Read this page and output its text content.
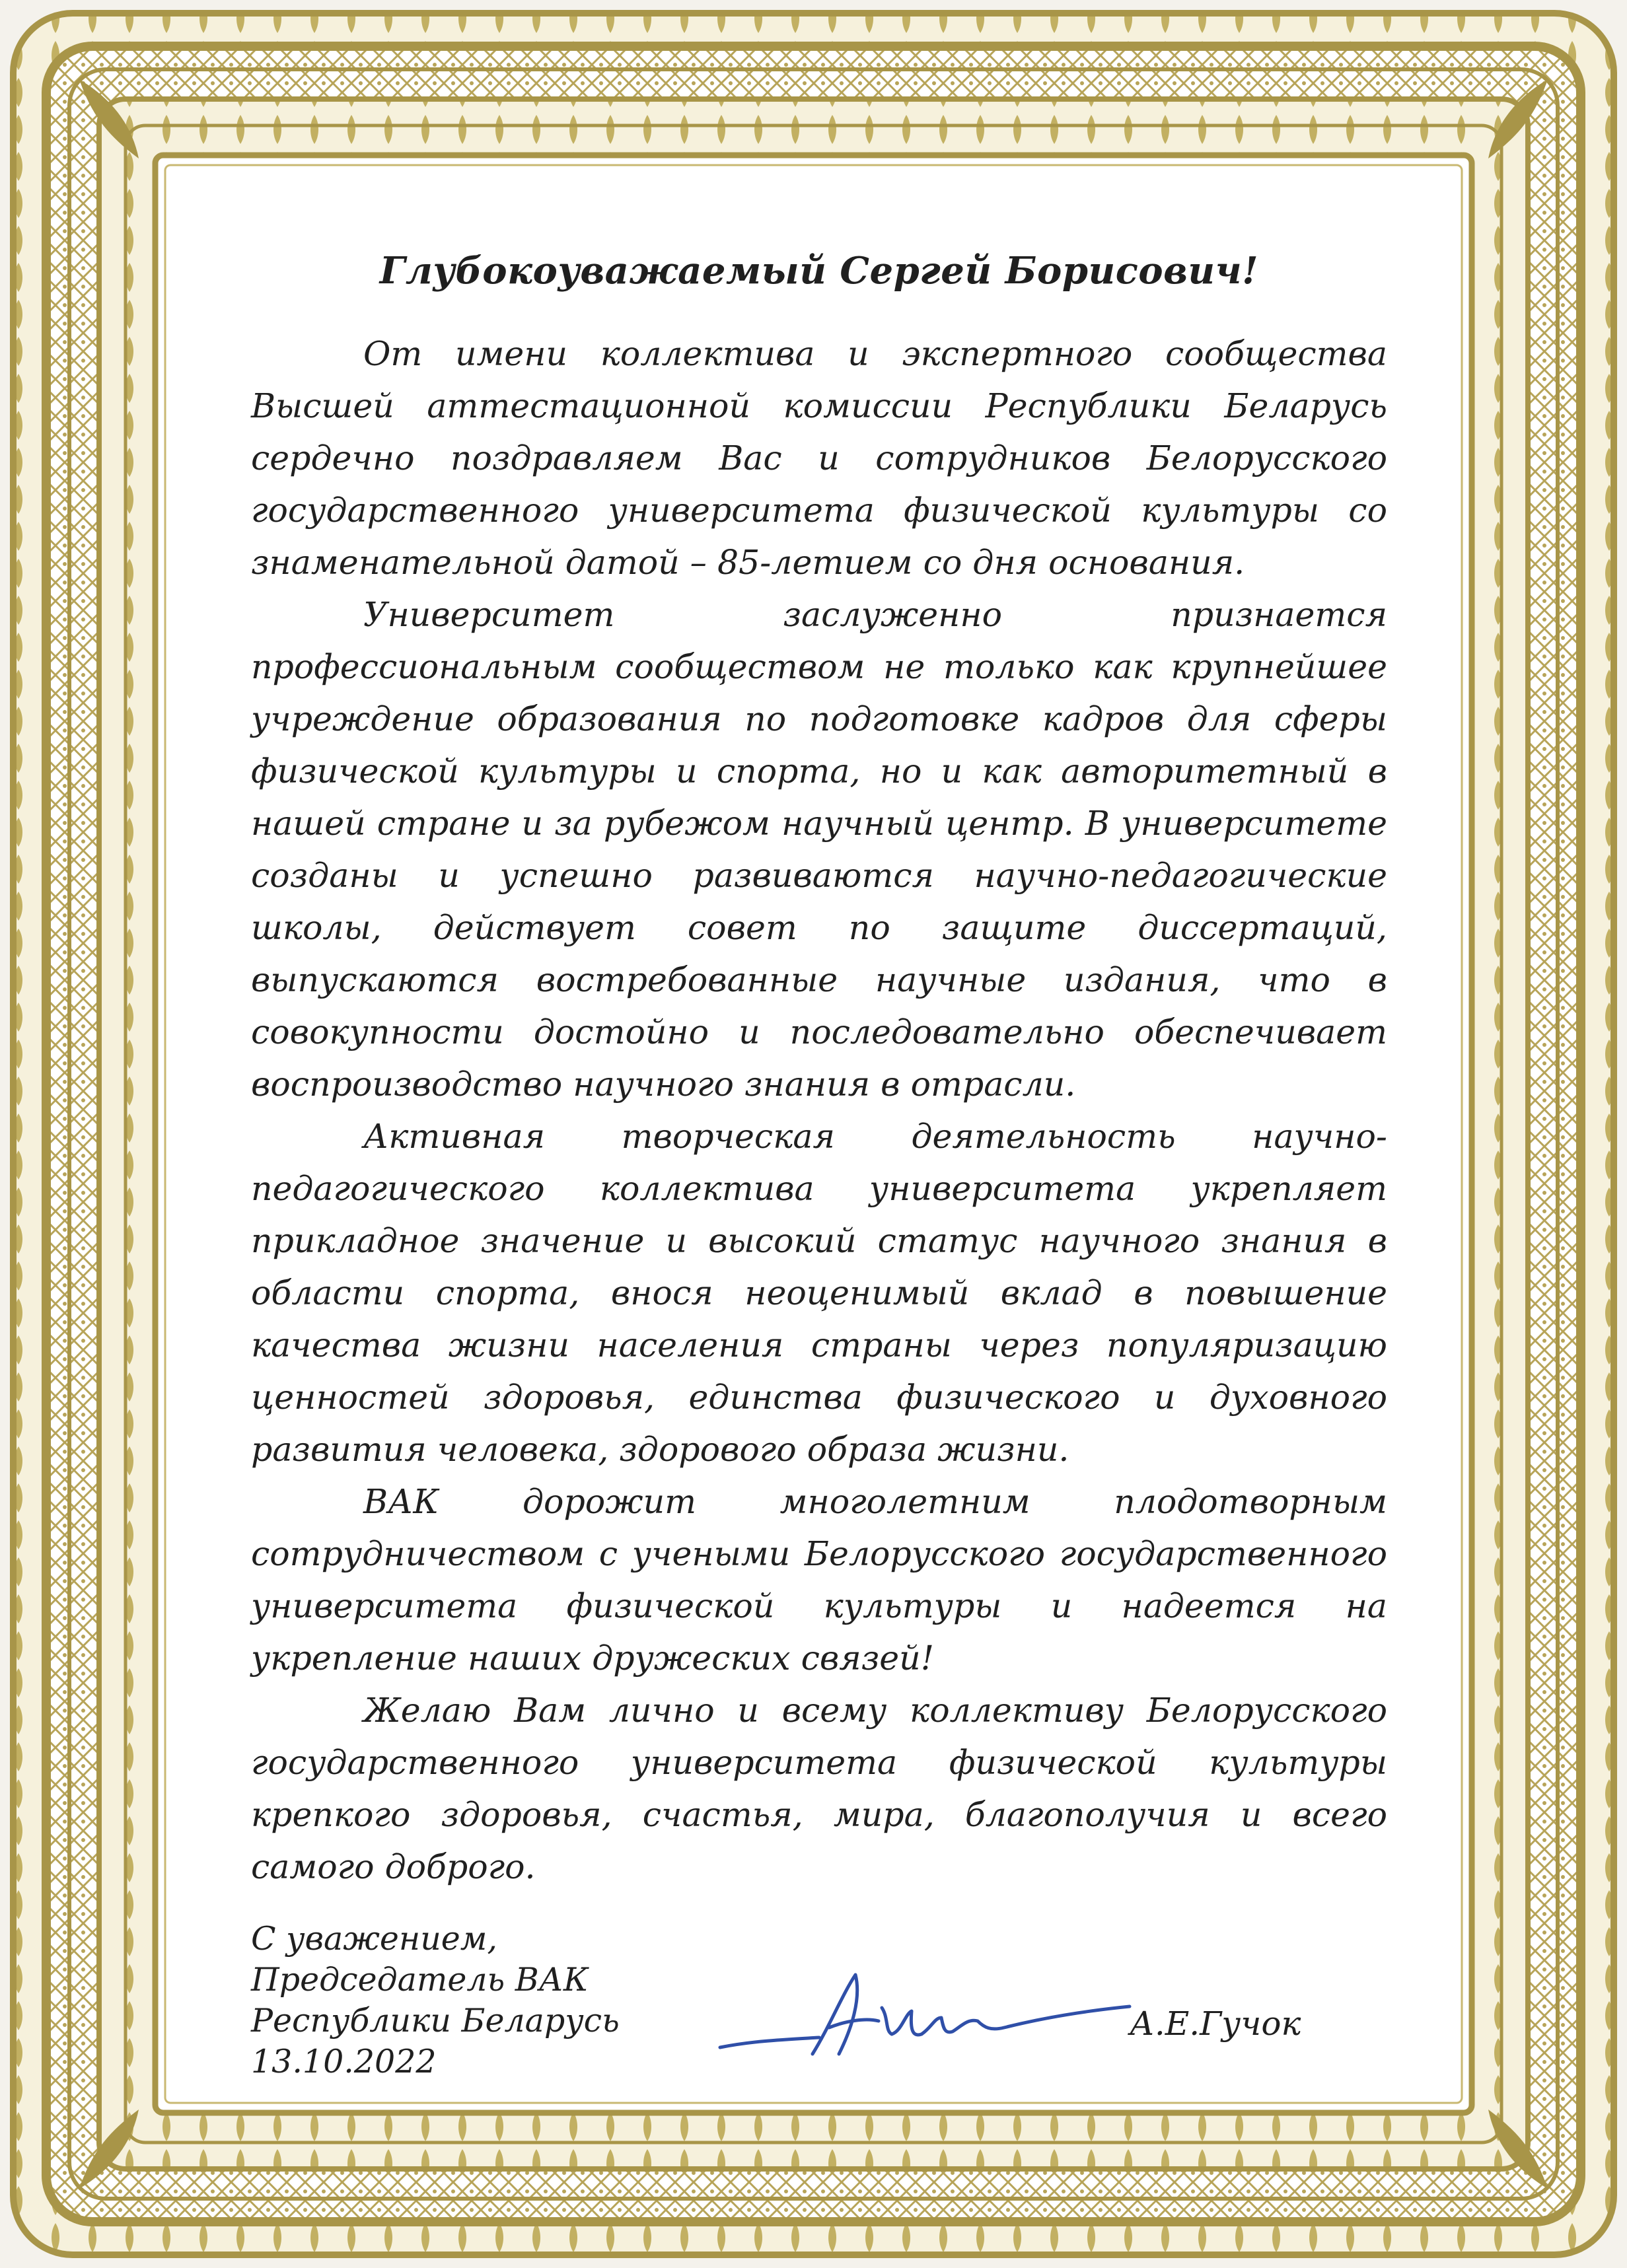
Глубокоуважаемый Сергей Борисович!

От имени коллектива и экспертного сообщества Высшей аттестационной комиссии Республики Беларусь сердечно поздравляем Вас и сотрудников Белорусского государственного университета физической культуры со знаменательной датой – 85-летием со дня основания.

Университет заслуженно признается профессиональным сообществом не только как крупнейшее учреждение образования по подготовке кадров для сферы физической культуры и спорта, но и как авторитетный в нашей стране и за рубежом научный центр. В университете созданы и успешно развиваются научно-педагогические школы, действует совет по защите диссертаций, выпускаются востребованные научные издания, что в совокупности достойно и последовательно обеспечивает воспроизводство научного знания в отрасли.

Активная творческая деятельность научно-педагогического коллектива университета укрепляет прикладное значение и высокий статус научного знания в области спорта, внося неоценимый вклад в повышение качества жизни населения страны через популяризацию ценностей здоровья, единства физического и духовного развития человека, здорового образа жизни.

ВАК дорожит многолетним плодотворным сотрудничеством с учеными Белорусского государственного университета физической культуры и надеется на укрепление наших дружеских связей!

Желаю Вам лично и всему коллективу Белорусского государственного университета физической культуры крепкого здоровья, счастья, мира, благополучия и всего самого доброго.

С уважением,
Председатель ВАК
Республики Беларусь
13.10.2022
А.Е.Гучок
